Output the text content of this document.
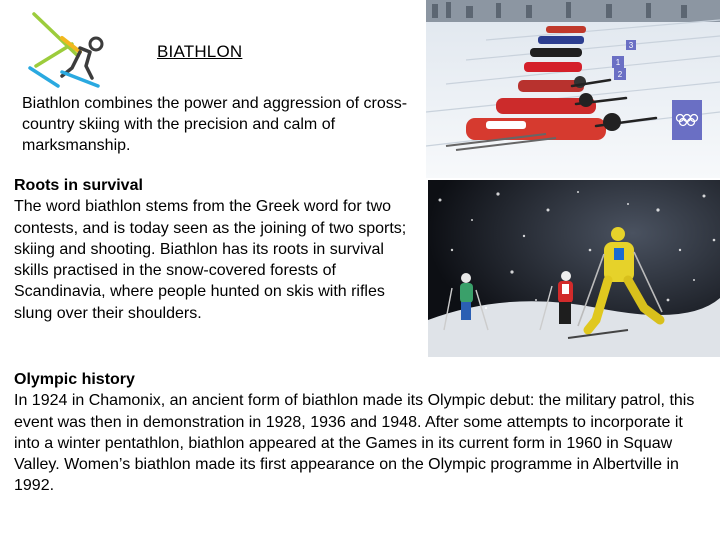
BIATHLON
Biathlon combines the power and aggression of cross-country skiing with the precision and calm of marksmanship.
Roots in survival
The word biathlon stems from the Greek word for two contests, and is today seen as the joining of two sports; skiing and shooting. Biathlon has its roots in survival skills practised in the snow-covered forests of Scandinavia, where people hunted on skis with rifles slung over their shoulders.
Olympic history
In 1924 in Chamonix, an ancient form of biathlon made its Olympic debut: the military patrol, this event was then in demonstration in 1928, 1936 and 1948. After some attempts to incorporate it into a winter pentathlon, biathlon appeared at the Games in its current form in 1960 in Squaw Valley. Women’s biathlon made its first appearance on the Olympic programme in Albertville in 1992.
1
2
3
